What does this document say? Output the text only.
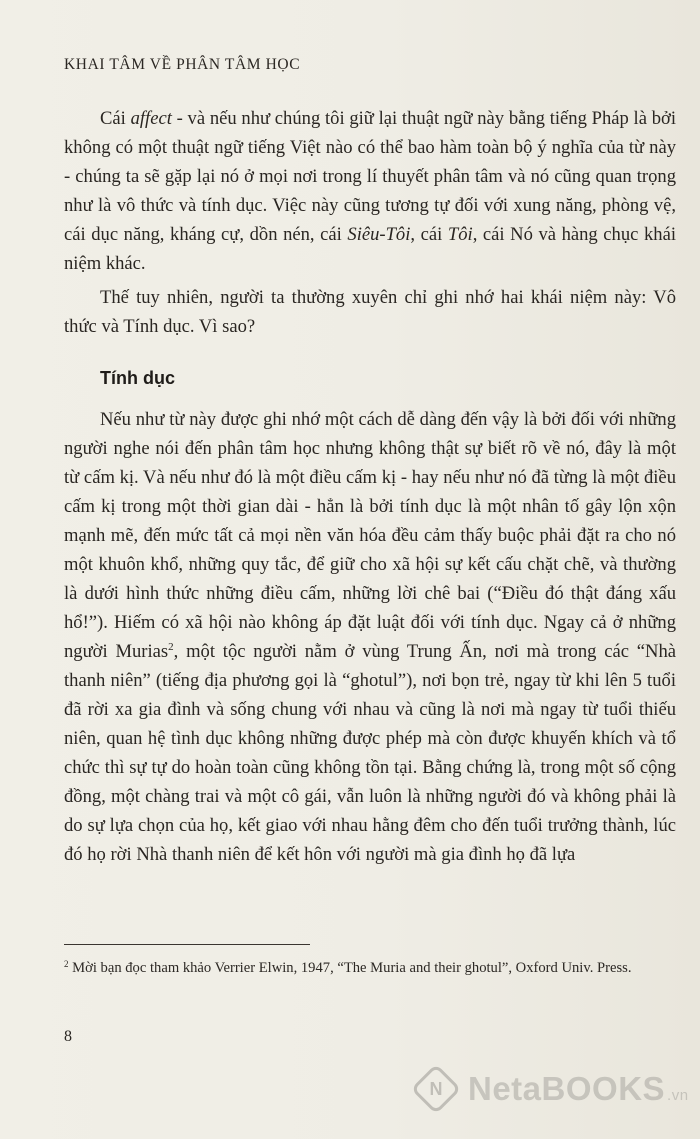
KHAI TÂM VỀ PHÂN TÂM HỌC

Cái affect - và nếu như chúng tôi giữ lại thuật ngữ này bằng tiếng Pháp là bởi không có một thuật ngữ tiếng Việt nào có thể bao hàm toàn bộ ý nghĩa của từ này - chúng ta sẽ gặp lại nó ở mọi nơi trong lí thuyết phân tâm và nó cũng quan trọng như là vô thức và tính dục. Việc này cũng tương tự đối với xung năng, phòng vệ, cái dục năng, kháng cự, dồn nén, cái Siêu-Tôi, cái Tôi, cái Nó và hàng chục khái niệm khác.

Thế tuy nhiên, người ta thường xuyên chỉ ghi nhớ hai khái niệm này: Vô thức và Tính dục. Vì sao?

Tính dục

Nếu như từ này được ghi nhớ một cách dễ dàng đến vậy là bởi đối với những người nghe nói đến phân tâm học nhưng không thật sự biết rõ về nó, đây là một từ cấm kị. Và nếu như đó là một điều cấm kị - hay nếu như nó đã từng là một điều cấm kị trong một thời gian dài - hẳn là bởi tính dục là một nhân tố gây lộn xộn mạnh mẽ, đến mức tất cả mọi nền văn hóa đều cảm thấy buộc phải đặt ra cho nó một khuôn khổ, những quy tắc, để giữ cho xã hội sự kết cấu chặt chẽ, và thường là dưới hình thức những điều cấm, những lời chê bai (“Điều đó thật đáng xấu hổ!”). Hiếm có xã hội nào không áp đặt luật đối với tính dục. Ngay cả ở những người Murias$^2$, một tộc người nằm ở vùng Trung Ấn, nơi mà trong các “Nhà thanh niên” (tiếng địa phương gọi là “ghotul”), nơi bọn trẻ, ngay từ khi lên 5 tuổi đã rời xa gia đình và sống chung với nhau và cũng là nơi mà ngay từ tuổi thiếu niên, quan hệ tình dục không những được phép mà còn được khuyến khích và tổ chức thì sự tự do hoàn toàn cũng không tồn tại. Bằng chứng là, trong một số cộng đồng, một chàng trai và một cô gái, vẫn luôn là những người đó và không phải là do sự lựa chọn của họ, kết giao với nhau hằng đêm cho đến tuổi trưởng thành, lúc đó họ rời Nhà thanh niên để kết hôn với người mà gia đình họ đã lựa

$^2$ Mời bạn đọc tham khảo Verrier Elwin, 1947, “The Muria and their ghotul”, Oxford Univ. Press.
8
N NetaBOOKS .vn
